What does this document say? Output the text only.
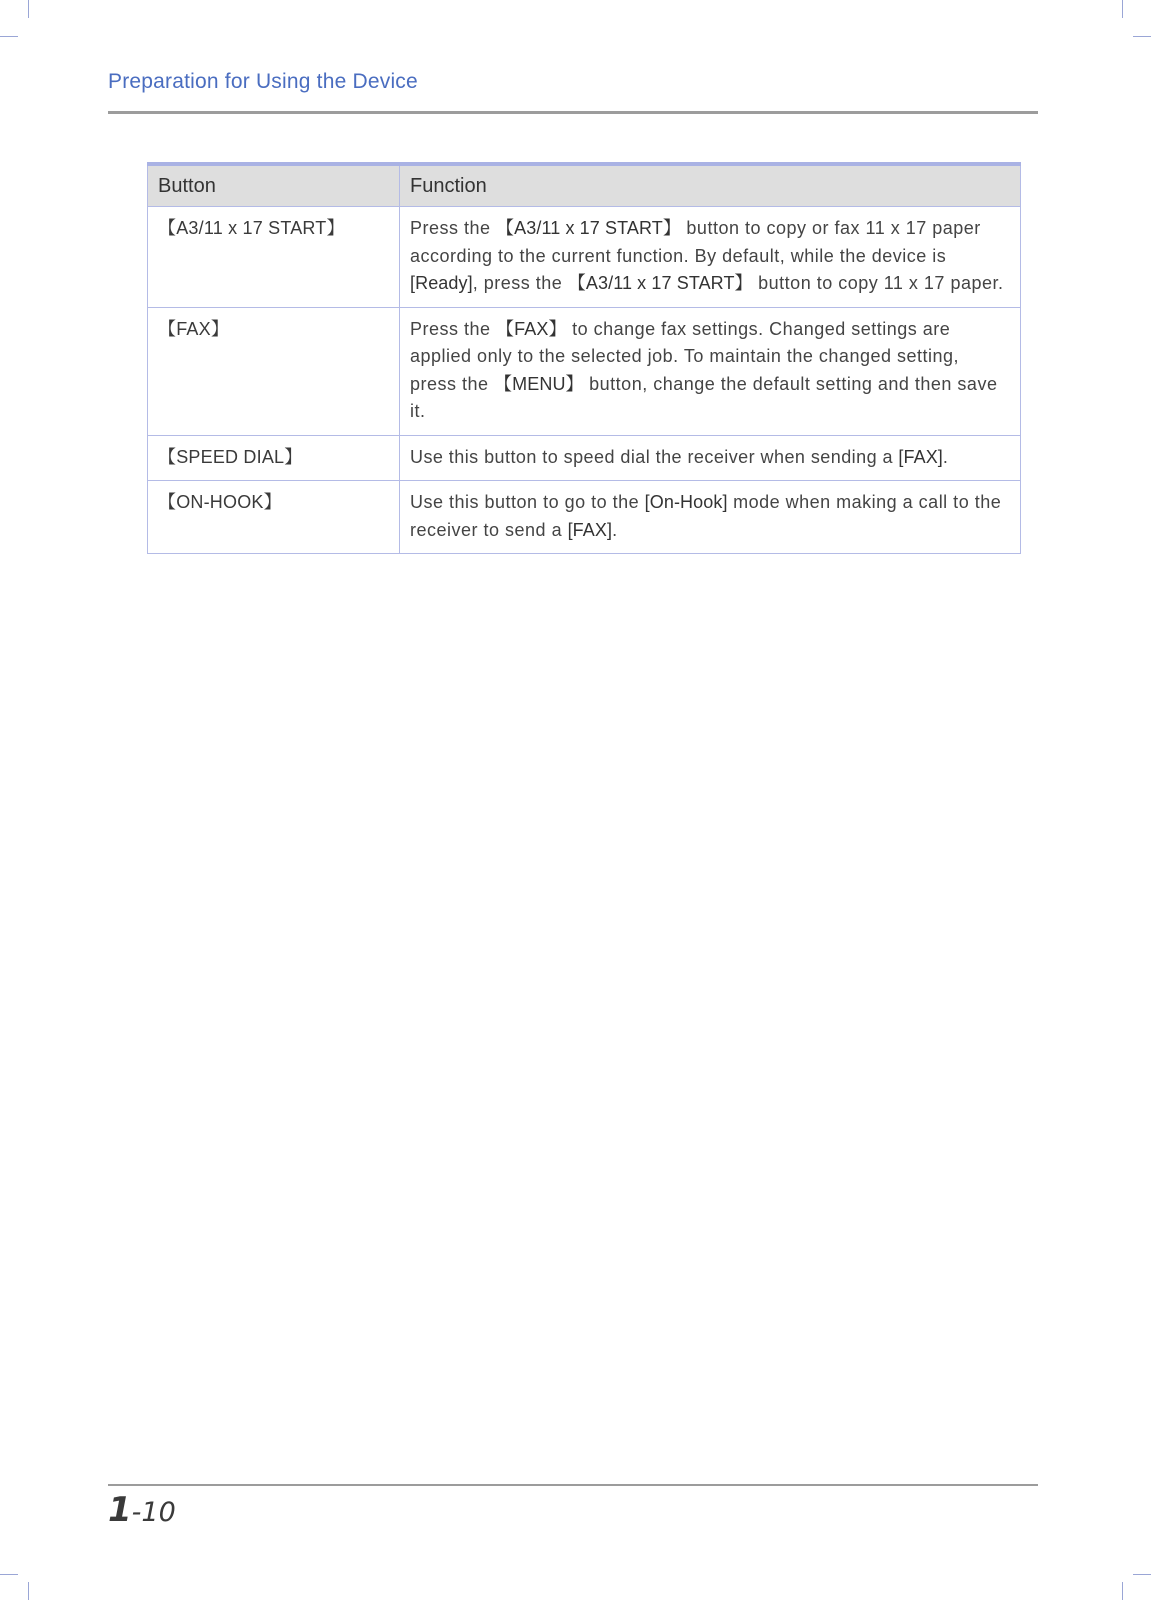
Preparation for Using the Device
Button	Function
【A3/11 x 17 START】	Press the 【A3/11 x 17 START】 button to copy or fax 11 x 17 paper according to the current function. By default, while the device is [Ready], press the 【A3/11 x 17 START】 button to copy 11 x 17 paper.
【FAX】	Press the 【FAX】 to change fax settings. Changed settings are applied only to the selected job. To maintain the changed setting, press the 【MENU】 button, change the default setting and then save it.
【SPEED DIAL】	Use this button to speed dial the receiver when sending a [FAX].
【ON-HOOK】	Use this button to go to the [On-Hook] mode when making a call to the receiver to send a [FAX].
1-10
